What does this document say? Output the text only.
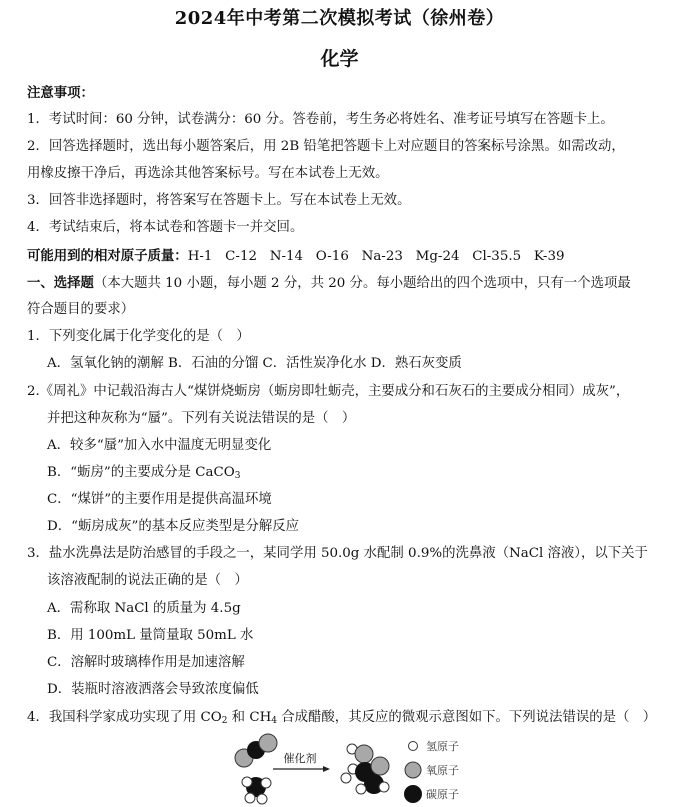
2024年中考第二次模拟考试（徐州卷）
化学
注意事项：
1．考试时间：60 分钟，试卷满分：60 分。答卷前，考生务必将姓名、准考证号填写在答题卡上。
2．回答选择题时，选出每小题答案后，用 2B 铅笔把答题卡上对应题目的答案标号涂黑。如需改动，
用橡皮擦干净后，再选涂其他答案标号。写在本试卷上无效。
3．回答非选择题时，将答案写在答题卡上。写在本试卷上无效。
4．考试结束后，将本试卷和答题卡一并交回。
可能用到的相对原子质量：H-1   C-12   N-14   O-16   Na-23   Mg-24   Cl-35.5   K-39
一、选择题（本大题共 10 小题，每小题 2 分，共 20 分。每小题给出的四个选项中，只有一个选项最
符合题目的要求）
1．下列变化属于化学变化的是（　）
A．氢氧化钠的潮解 B．石油的分馏 C．活性炭净化水 D．熟石灰变质
2.《周礼》中记载沿海古人“煤饼烧蛎房（蛎房即牡蛎壳，主要成分和石灰石的主要成分相同）成灰”，
并把这种灰称为“蜃”。下列有关说法错误的是（　）
A．较多“蜃”加入水中温度无明显变化
B．“蛎房”的主要成分是 CaCO$_3$
C．“煤饼”的主要作用是提供高温环境
D．“蛎房成灰”的基本反应类型是分解反应
3．盐水洗鼻法是防治感冒的手段之一，某同学用 50.0g 水配制 0.9%的洗鼻液（NaCl 溶液），以下关于
该溶液配制的说法正确的是（　）
A．需称取 NaCl 的质量为 4.5g
B．用 100mL 量筒量取 50mL 水
C．溶解时玻璃棒作用是加速溶解
D．装瓶时溶液洒落会导致浓度偏低
4．我国科学家成功实现了用 $CO_2$ 和 $CH_4$ 合成醋酸，其反应的微观示意图如下。下列说法错误的是（　）
催化剂
氢原子
氧原子
碳原子
